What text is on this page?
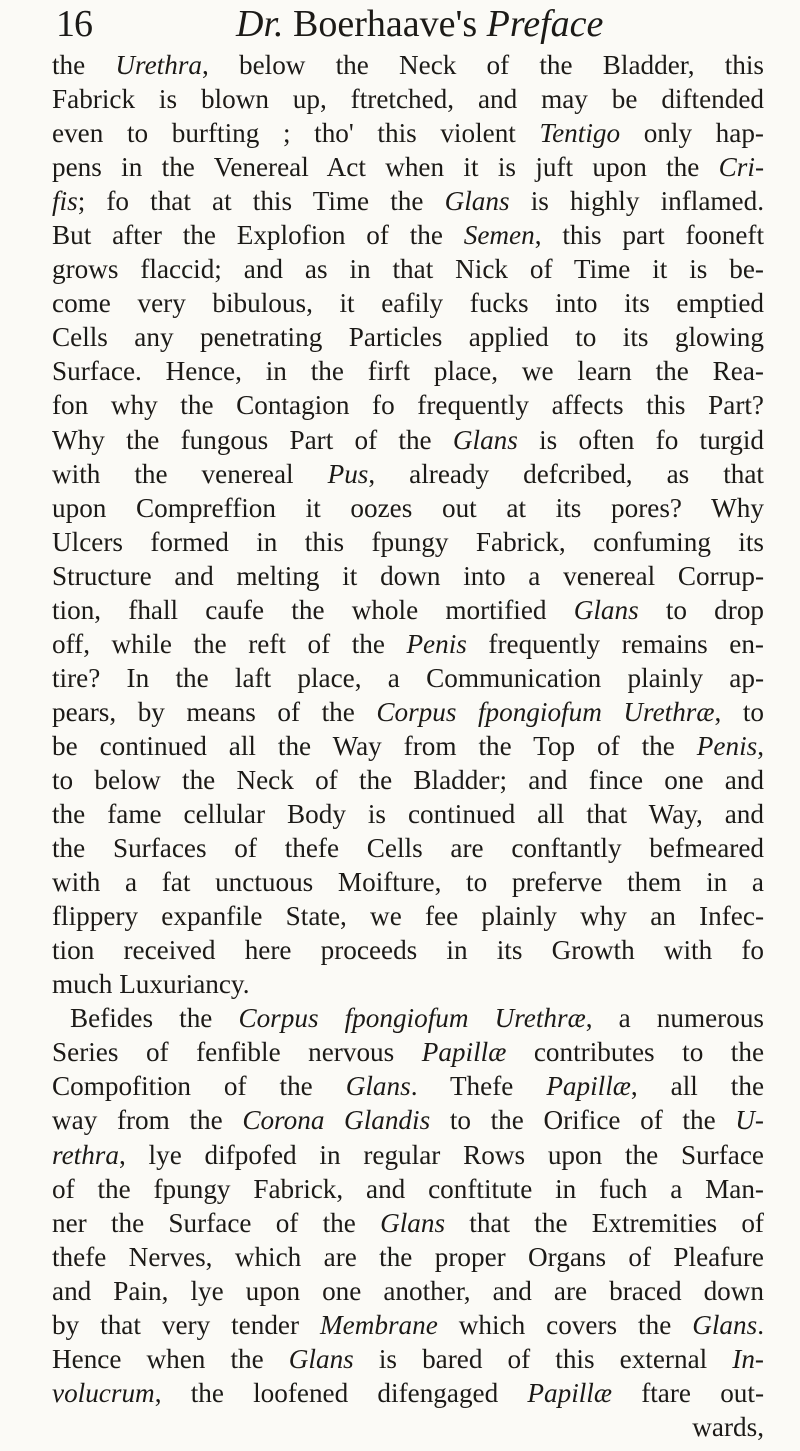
16	Dr. Boerhaave's Preface
the Urethra, below the Neck of the Bladder, this
Fabrick is blown up, ftretched, and may be diftended
even to burfting ; tho' this violent Tentigo only hap-
pens in the Venereal Act when it is juft upon the Cri-
fis; fo that at this Time the Glans is highly inflamed.
But after the Explofion of the Semen, this part fooneft
grows flaccid; and as in that Nick of Time it is be-
come very bibulous, it eafily fucks into its emptied
Cells any penetrating Particles applied to its glowing
Surface. Hence, in the firft place, we learn the Rea-
fon why the Contagion fo frequently affects this Part?
Why the fungous Part of the Glans is often fo turgid
with the venereal Pus, already defcribed, as that
upon Compreffion it oozes out at its pores? Why
Ulcers formed in this fpungy Fabrick, confuming its
Structure and melting it down into a venereal Corrup-
tion, fhall caufe the whole mortified Glans to drop
off, while the reft of the Penis frequently remains en-
tire? In the laft place, a Communication plainly ap-
pears, by means of the Corpus fpongiofum Urethræ, to
be continued all the Way from the Top of the Penis,
to below the Neck of the Bladder; and fince one and
the fame cellular Body is continued all that Way, and
the Surfaces of thefe Cells are conftantly befmeared
with a fat unctuous Moifture, to preferve them in a
flippery expanfile State, we fee plainly why an Infec-
tion received here proceeds in its Growth with fo
much Luxuriancy.
Befides the Corpus fpongiofum Urethræ, a numerous
Series of fenfible nervous Papillæ contributes to the
Compofition of the Glans. Thefe Papillæ, all the
way from the Corona Glandis to the Orifice of the U-
rethra, lye difpofed in regular Rows upon the Surface
of the fpungy Fabrick, and conftitute in fuch a Man-
ner the Surface of the Glans that the Extremities of
thefe Nerves, which are the proper Organs of Pleafure
and Pain, lye upon one another, and are braced down
by that very tender Membrane which covers the Glans.
Hence when the Glans is bared of this external In-
volucrum, the loofened difengaged Papillæ ftare out-
wards,
